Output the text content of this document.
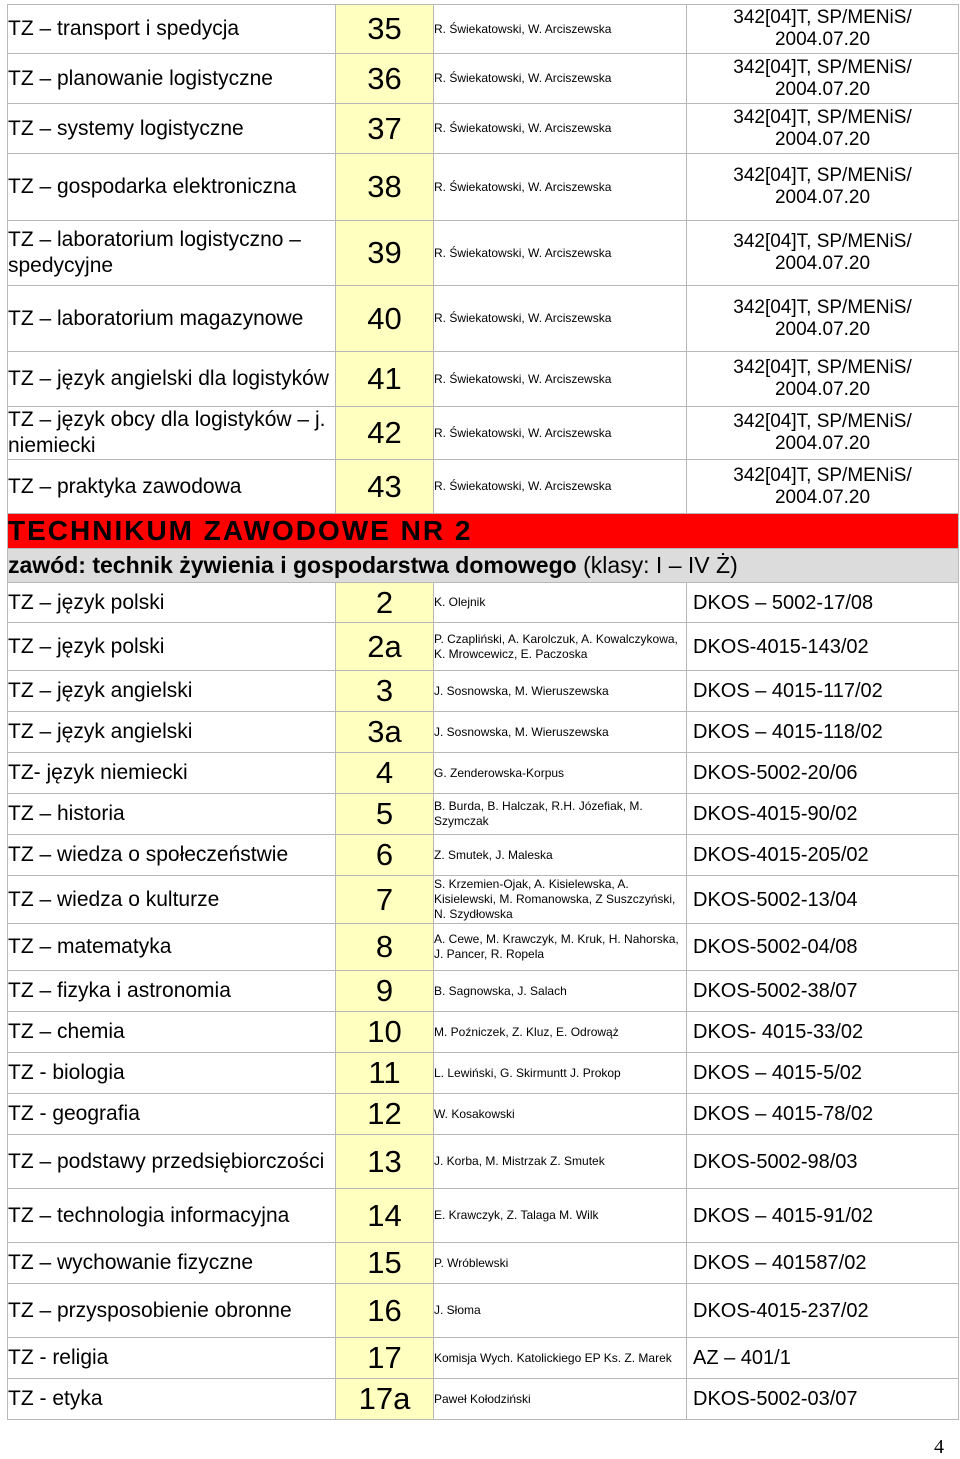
TZ – transport i spedycja	35	R. Świekatowski, W. Arciszewska	342[04]T, SP/MENiS/ 2004.07.20
TZ – planowanie logistyczne	36	R. Świekatowski, W. Arciszewska	342[04]T, SP/MENiS/ 2004.07.20
TZ – systemy logistyczne	37	R. Świekatowski, W. Arciszewska	342[04]T, SP/MENiS/ 2004.07.20
TZ – gospodarka elektroniczna	38	R. Świekatowski, W. Arciszewska	342[04]T, SP/MENiS/ 2004.07.20
TZ – laboratorium logistyczno – spedycyjne	39	R. Świekatowski, W. Arciszewska	342[04]T, SP/MENiS/ 2004.07.20
TZ – laboratorium magazynowe	40	R. Świekatowski, W. Arciszewska	342[04]T, SP/MENiS/ 2004.07.20
TZ – język angielski dla logistyków	41	R. Świekatowski, W. Arciszewska	342[04]T, SP/MENiS/ 2004.07.20
TZ – język obcy dla logistyków – j. niemiecki	42	R. Świekatowski, W. Arciszewska	342[04]T, SP/MENiS/ 2004.07.20
TZ – praktyka zawodowa	43	R. Świekatowski, W. Arciszewska	342[04]T, SP/MENiS/ 2004.07.20
TECHNIKUM ZAWODOWE NR 2			
zawód: technik żywienia i gospodarstwa domowego (klasy: I – IV Ż)			
TZ – język polski	2	K. Olejnik	DKOS – 5002-17/08
TZ – język polski	2a	P. Czapliński, A. Karolczuk, A. Kowalczykowa, K. Mrowcewicz, E. Paczoska	DKOS-4015-143/02
TZ – język angielski	3	J. Sosnowska, M. Wieruszewska	DKOS – 4015-117/02
TZ – język angielski	3a	J. Sosnowska, M. Wieruszewska	DKOS – 4015-118/02
TZ- język niemiecki	4	G. Zenderowska-Korpus	DKOS-5002-20/06
TZ – historia	5	B. Burda, B. Halczak, R.H. Józefiak, M. Szymczak	DKOS-4015-90/02
TZ – wiedza o społeczeństwie	6	Z. Smutek, J. Maleska	DKOS-4015-205/02
TZ – wiedza o kulturze	7	S. Krzemien-Ojak, A. Kisielewska, A. Kisielewski, M. Romanowska, Z Suszczyński, N. Szydłowska	DKOS-5002-13/04
TZ – matematyka	8	A. Cewe, M. Krawczyk, M. Kruk, H. Nahorska, J. Pancer, R. Ropela	DKOS-5002-04/08
TZ – fizyka i astronomia	9	B. Sagnowska, J. Salach	DKOS-5002-38/07
TZ – chemia	10	M. Poźniczek, Z. Kluz, E. Odrowąż	DKOS- 4015-33/02
TZ - biologia	11	L. Lewiński, G. Skirmuntt J. Prokop	DKOS – 4015-5/02
TZ - geografia	12	W. Kosakowski	DKOS – 4015-78/02
TZ – podstawy przedsiębiorczości	13	J. Korba, M. Mistrzak Z. Smutek	DKOS-5002-98/03
TZ – technologia informacyjna	14	E. Krawczyk, Z. Talaga M. Wilk	DKOS – 4015-91/02
TZ – wychowanie fizyczne	15	P. Wróblewski	DKOS – 401587/02
TZ – przysposobienie obronne	16	J. Słoma	DKOS-4015-237/02
TZ - religia	17	Komisja Wych. Katolickiego EP Ks. Z. Marek	AZ – 401/1
TZ - etyka	17a	Paweł Kołodziński	DKOS-5002-03/07
4
